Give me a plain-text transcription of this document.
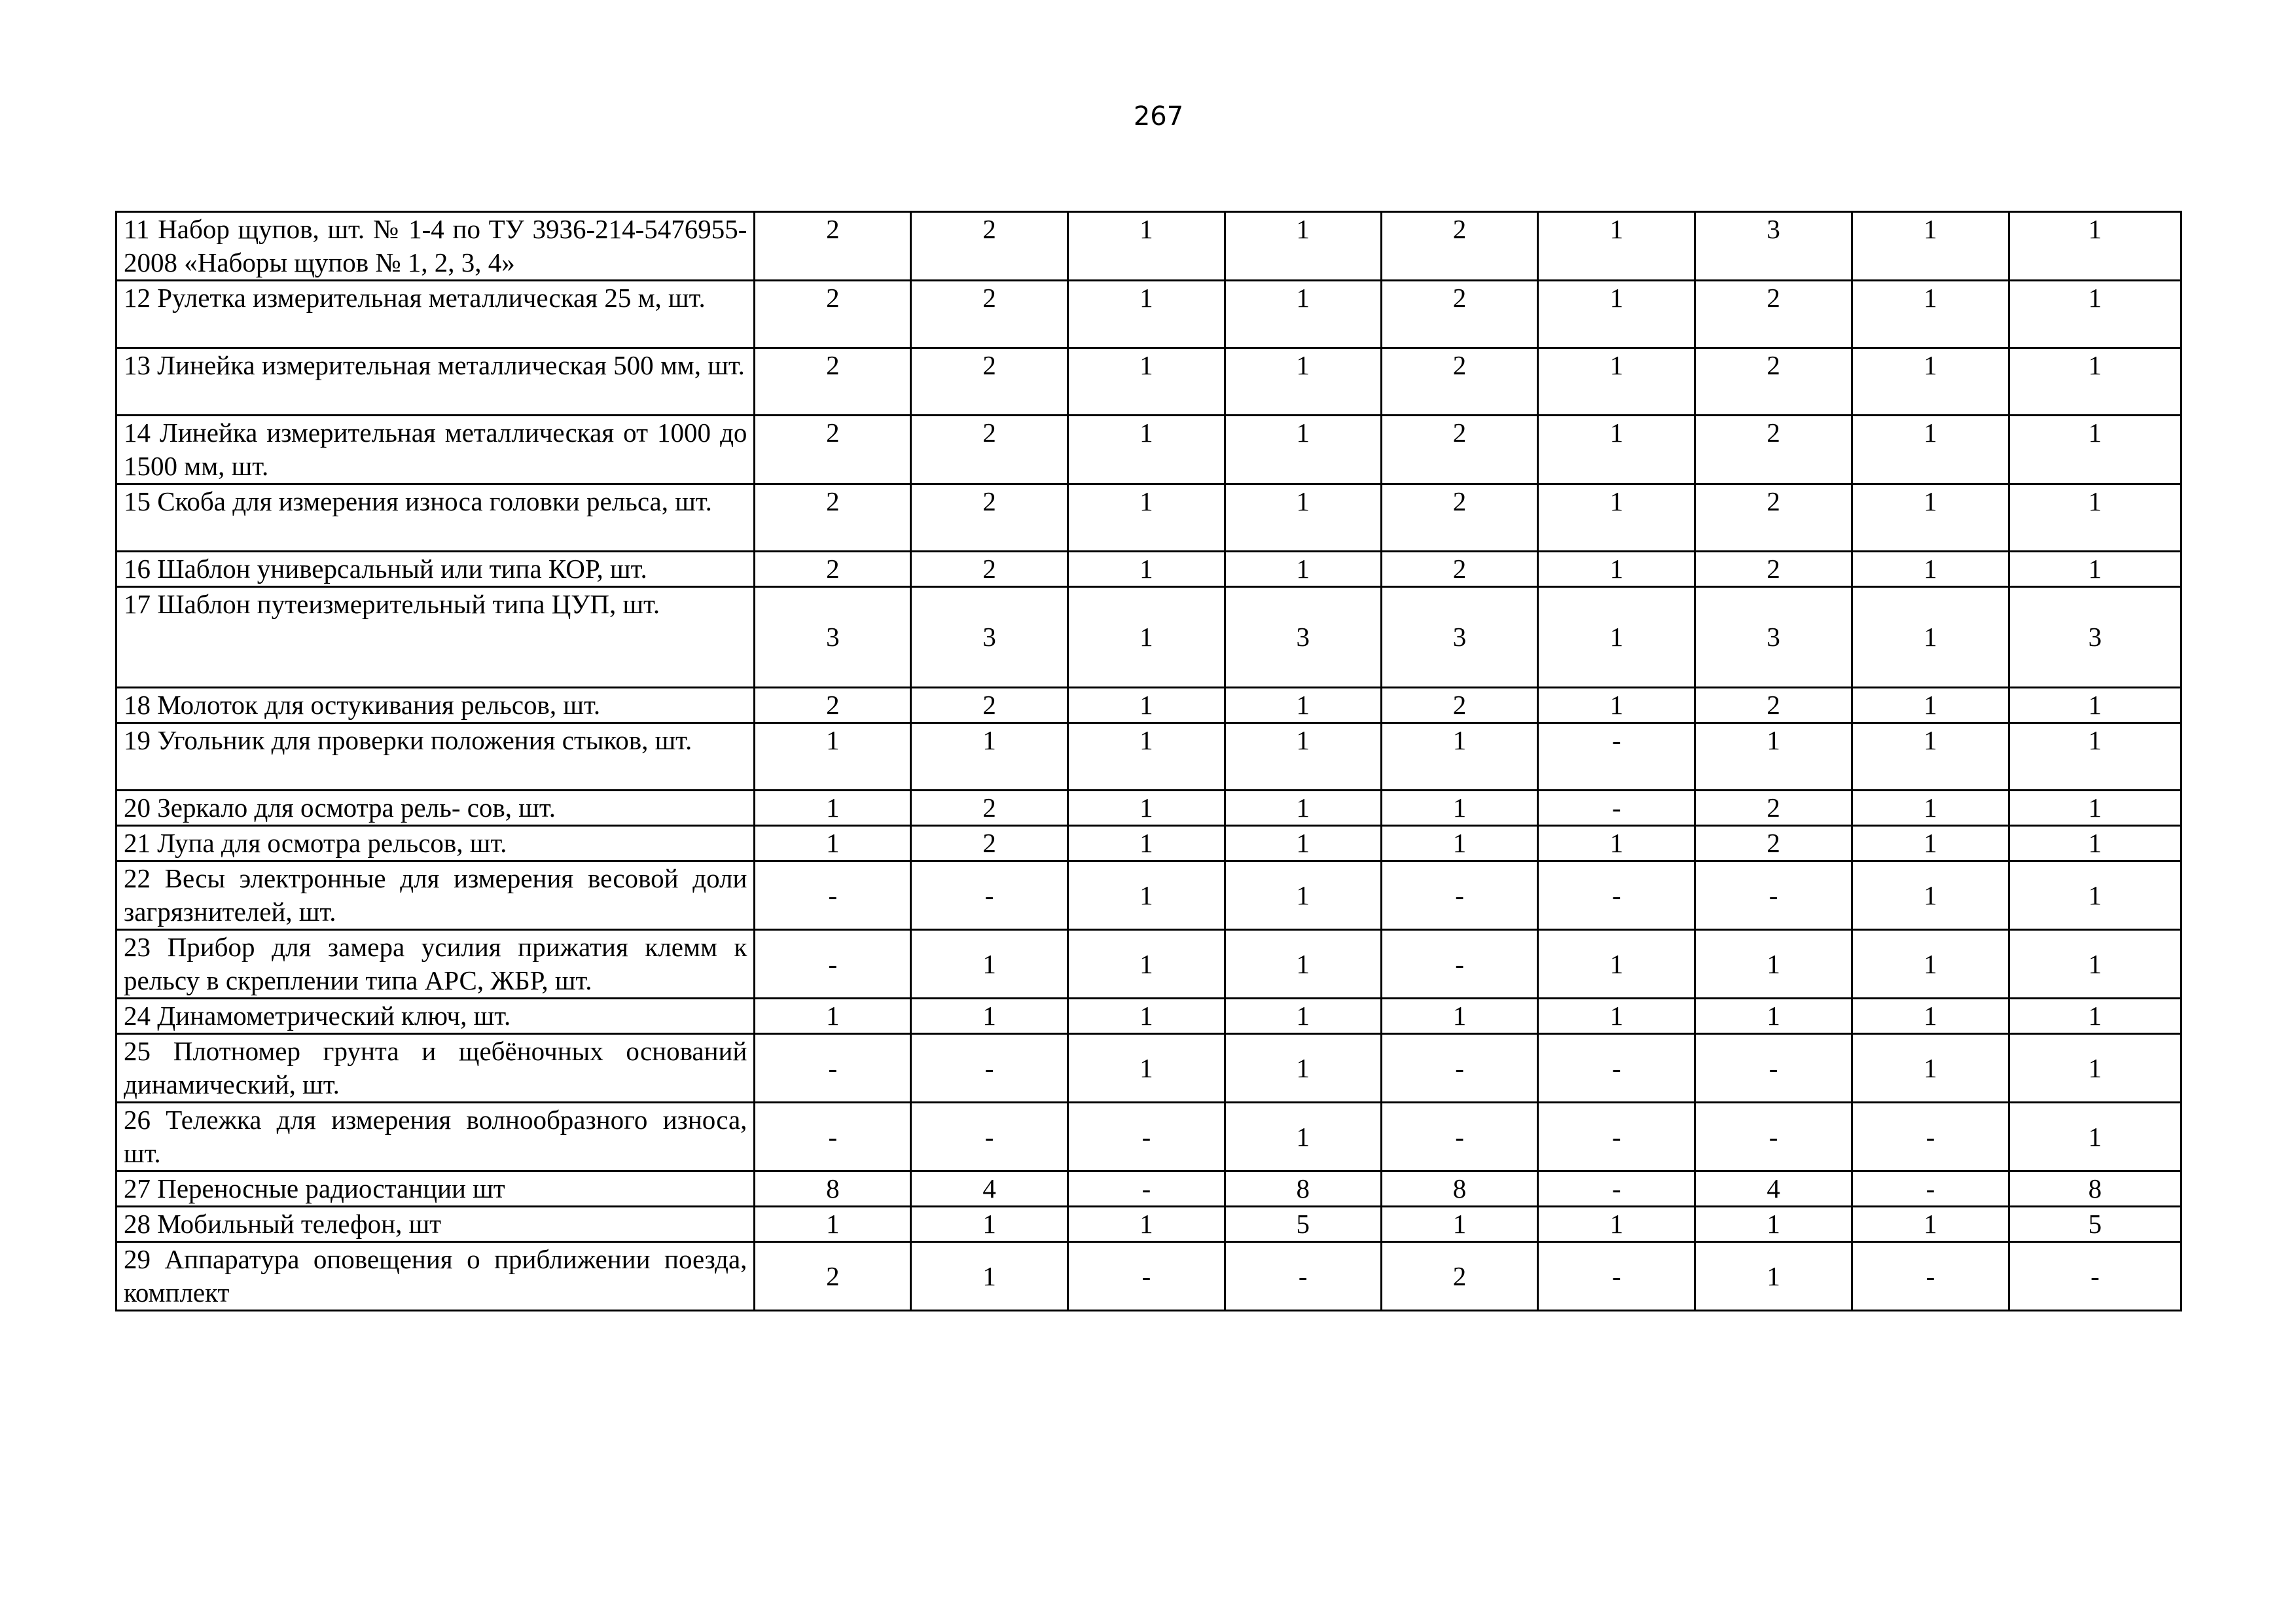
267
11 Набор щупов, шт. № 1-4 по ТУ 3936-214-5476955-2008 «Наборы щупов № 1, 2, 3, 4»	2	2	1	1	2	1	3	1	1
12 Рулетка измерительная металлическая 25 м, шт.	2	2	1	1	2	1	2	1	1
13 Линейка измерительная металлическая 500 мм, шт.	2	2	1	1	2	1	2	1	1
14 Линейка измерительная металлическая от 1000 до 1500 мм, шт.	2	2	1	1	2	1	2	1	1
15 Скоба для измерения износа головки рельса, шт.	2	2	1	1	2	1	2	1	1
16 Шаблон универсальный или типа КОР, шт.	2	2	1	1	2	1	2	1	1
17 Шаблон путеизмерительный типа ЦУП, шт.	3	3	1	3	3	1	3	1	3
18 Молоток для остукивания рельсов, шт.	2	2	1	1	2	1	2	1	1
19 Угольник для проверки положения стыков, шт.	1	1	1	1	1	-	1	1	1
20 Зеркало для осмотра рель- сов, шт.	1	2	1	1	1	-	2	1	1
21 Лупа для осмотра рельсов, шт.	1	2	1	1	1	1	2	1	1
22 Весы электронные для измерения весовой доли загрязнителей, шт.	-	-	1	1	-	-	-	1	1
23 Прибор для замера усилия прижатия клемм к рельсу в скреплении типа АРС, ЖБР, шт.	-	1	1	1	-	1	1	1	1
24 Динамометрический ключ, шт.	1	1	1	1	1	1	1	1	1
25 Плотномер грунта и щебёночных оснований динамический, шт.	-	-	1	1	-	-	-	1	1
26 Тележка для измерения волнообразного износа, шт.	-	-	-	1	-	-	-	-	1
27 Переносные радиостанции шт	8	4	-	8	8	-	4	-	8
28 Мобильный телефон, шт	1	1	1	5	1	1	1	1	5
29 Аппаратура оповещения о приближении поезда, комплект	2	1	-	-	2	-	1	-	-
